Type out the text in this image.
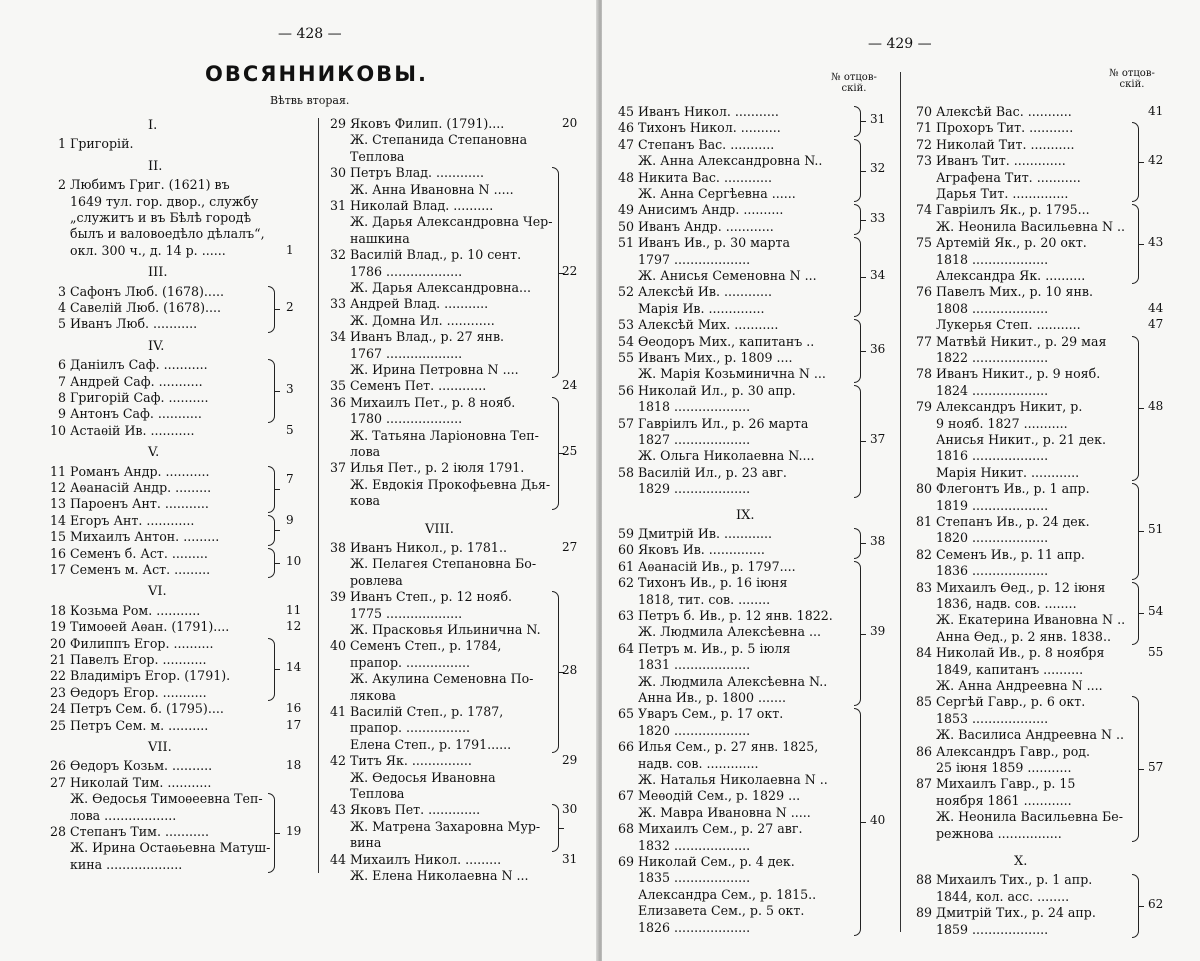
— 428 —
ОВСЯННИКОВЫ.
Вѣтвь вторая.
I.
1 Григорій.
II.
2 Любимъ Григ. (1621) въ
1649 тул. гор. двор., службу
„служитъ и въ Бѣлѣ городѣ
былъ и валовоедѣло дѣлалъ“,
окл. 300 ч., д. 14 р. ......
III.
3 Сафонъ Люб. (1678).....
4 Савелій Люб. (1678)....
5 Иванъ Люб. ...........
IV.
6 Даніилъ Саф. ...........
7 Андрей Саф. ...........
8 Григорій Саф. ..........
9 Антонъ Саф. ...........
10 Астаѳій Ив. ...........
V.
11 Романъ Андр. ...........
12 Аѳанасій Андр. .........
13 Пароенъ Ант. ...........
14 Егоръ Ант. ............
15 Михаилъ Антон. .........
16 Семенъ б. Аст. .........
17 Семенъ м. Аст. .........
VI.
18 Козьма Ром. ...........
19 Тимоѳей Аѳан. (1791)....
20 Филиппъ Егор. ..........
21 Павелъ Егор. ...........
22 Владиміръ Егор. (1791).
23 Ѳедоръ Егор. ...........
24 Петръ Сем. б. (1795)....
25 Петръ Сем. м. ..........
VII.
26 Ѳедоръ Козьм. ..........
27 Николай Тим. ...........
Ж. Ѳедосья Тимоѳеевна Теп-
лова ..................
28 Степанъ Тим. ...........
Ж. Ирина Остаѳьевна Матуш-
кина ...................
1
2
3
5
7
9
10
11
12
14
16
17
18
19
29 Яковъ Филип. (1791)....
Ж. Степанида Степановна
Теплова
30 Петръ Влад. ............
Ж. Анна Ивановна N .....
31 Николай Влад. ..........
Ж. Дарья Александровна Чер-
нашкина
32 Василій Влад., р. 10 сент.
1786 ...................
Ж. Дарья Александровна...
33 Андрей Влад. ...........
Ж. Домна Ил. ............
34 Иванъ Влад., р. 27 янв.
1767 ...................
Ж. Ирина Петровна N ....
35 Семенъ Пет. ............
36 Михаилъ Пет., р. 8 нояб.
1780 ...................
Ж. Татьяна Ларіоновна Теп-
лова
37 Илья Пет., р. 2 іюля 1791.
Ж. Евдокія Прокофьевна Дья-
кова
VIII.
38 Иванъ Никол., р. 1781..
Ж. Пелагея Степановна Бо-
ровлева
39 Иванъ Степ., р. 12 нояб.
1775 ...................
Ж. Прасковья Ильинична N.
40 Семенъ Степ., р. 1784,
прапор. ................
Ж. Акулина Семеновна По-
лякова
41 Василій Степ., р. 1787,
прапор. ................
Елена Степ., р. 1791......
42 Титъ Як. ...............
Ж. Ѳедосья Ивановна
Теплова
43 Яковъ Пет. .............
Ж. Матрена Захаровна Мур-
вина
44 Михаилъ Никол. .........
Ж. Елена Николаевна N ...
20
22
24
25
27
28
29
30
31
— 429 —
№ отцов-
скій.
№ отцов-
скій.
45 Иванъ Никол. ...........
46 Тихонъ Никол. ..........
47 Степанъ Вас. ...........
Ж. Анна Александровна N..
48 Никита Вас. ............
Ж. Анна Сергѣевна ......
49 Анисимъ Андр. ..........
50 Иванъ Андр. ............
51 Иванъ Ив., р. 30 марта
1797 ...................
Ж. Анисья Семеновна N ...
52 Алексѣй Ив. ............
Марія Ив. ..............
53 Алексѣй Мих. ...........
54 Ѳеодоръ Мих., капитанъ ..
55 Иванъ Мих., р. 1809 ....
Ж. Марія Козьминична N ...
56 Николай Ил., р. 30 апр.
1818 ...................
57 Гавріилъ Ил., р. 26 марта
1827 ...................
Ж. Ольга Николаевна N....
58 Василій Ил., р. 23 авг.
1829 ...................
IX.
59 Дмитрій Ив. ............
60 Яковъ Ив. ..............
61 Аѳанасій Ив., р. 1797....
62 Тихонъ Ив., р. 16 іюня
1818, тит. сов. ........
63 Петръ б. Ив., р. 12 янв. 1822.
Ж. Людмила Алексѣевна ...
64 Петръ м. Ив., р. 5 іюля
1831 ...................
Ж. Людмила Алексѣевна N..
Анна Ив., р. 1800 .......
65 Уваръ Сем., р. 17 окт.
1820 ...................
66 Илья Сем., р. 27 янв. 1825,
надв. сов. .............
Ж. Наталья Николаевна N ..
67 Меѳодій Сем., р. 1829 ...
Ж. Мавра Ивановна N .....
68 Михаилъ Сем., р. 27 авг.
1832 ...................
69 Николай Сем., р. 4 дек.
1835 ...................
Александра Сем., р. 1815..
Елизавета Сем., р. 5 окт.
1826 ...................
31
32
33
34
36
37
38
39
40
70 Алексѣй Вас. ...........
71 Прохоръ Тит. ...........
72 Николай Тит. ...........
73 Иванъ Тит. .............
Аграфена Тит. ...........
Дарья Тит. ..............
74 Гавріилъ Як., р. 1795...
Ж. Неонила Васильевна N ..
75 Артемій Як., р. 20 окт.
1818 ...................
Александра Як. ..........
76 Павелъ Мих., р. 10 янв.
1808 ...................
Лукерья Степ. ...........
77 Матвѣй Никит., р. 29 мая
1822 ...................
78 Иванъ Никит., р. 9 нояб.
1824 ...................
79 Александръ Никит, р.
9 нояб. 1827 ...........
Анисья Никит., р. 21 дек.
1816 ...................
Марія Никит. ............
80 Флегонтъ Ив., р. 1 апр.
1819 ...................
81 Степанъ Ив., р. 24 дек.
1820 ...................
82 Семенъ Ив., р. 11 апр.
1836 ...................
83 Михаилъ Ѳед., р. 12 іюня
1836, надв. сов. ........
Ж. Екатерина Ивановна N ..
Анна Ѳед., р. 2 янв. 1838..
84 Николай Ив., р. 8 ноября
1849, капитанъ ..........
Ж. Анна Андреевна N ....
85 Сергѣй Гавр., р. 6 окт.
1853 ...................
Ж. Василиса Андреевна N ..
86 Александръ Гавр., род.
25 іюня 1859 ...........
87 Михаилъ Гавр., р. 15
ноября 1861 ............
Ж. Неонила Васильевна Бе-
режнова ................
X.
88 Михаилъ Тих., р. 1 апр.
1844, кол. асс. ........
89 Дмитрій Тих., р. 24 апр.
1859 ...................
41
42
43
44
47
48
51
54
55
57
62
